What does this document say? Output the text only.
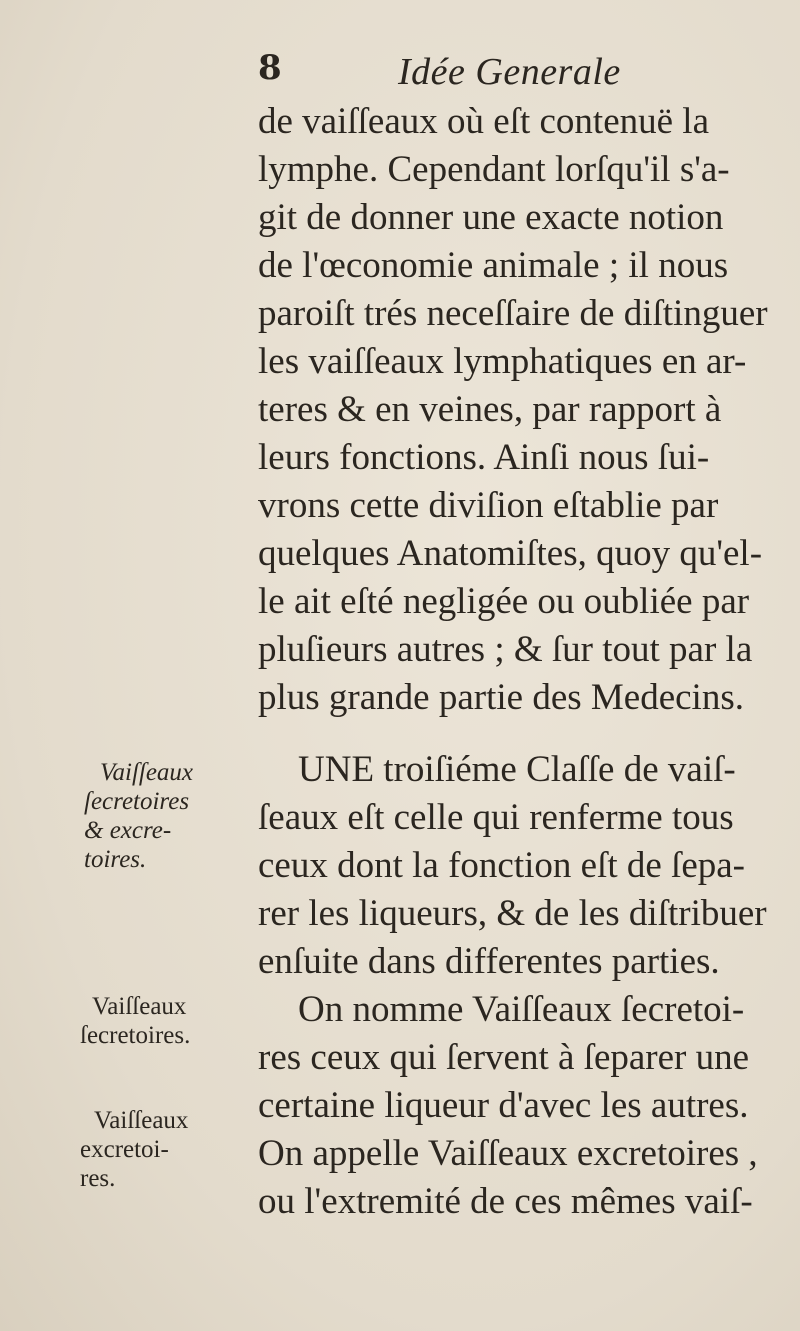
8	Idée Generale
de vaiſſeaux où eſt contenuë la
lymphe. Cependant lorſqu'il s'a-
git de donner une exacte notion
de l'œconomie animale ; il nous
paroiſt trés neceſſaire de diſtinguer
les vaiſſeaux lymphatiques en ar-
teres & en veines, par rapport à
leurs fonctions. Ainſi nous ſui-
vrons cette diviſion eſtablie par
quelques Anatomiſtes, quoy qu'el-
le ait eſté negligée ou oubliée par
pluſieurs autres ; & ſur tout par la
plus grande partie des Medecins.
UNE troiſiéme Claſſe de vaiſ-
ſeaux eſt celle qui renferme tous
ceux dont la fonction eſt de ſepa-
rer les liqueurs, & de les diſtribuer
enſuite dans differentes parties.
On nomme Vaiſſeaux ſecretoi-
res ceux qui ſervent à ſeparer une
certaine liqueur d'avec les autres.
On appelle Vaiſſeaux excretoires ,
ou l'extremité de ces mêmes vaiſ-
Vaiſſeaux
ſecretoires
& excre-
toires.
Vaiſſeaux
ſecretoires.
Vaiſſeaux
excretoi-
res.
